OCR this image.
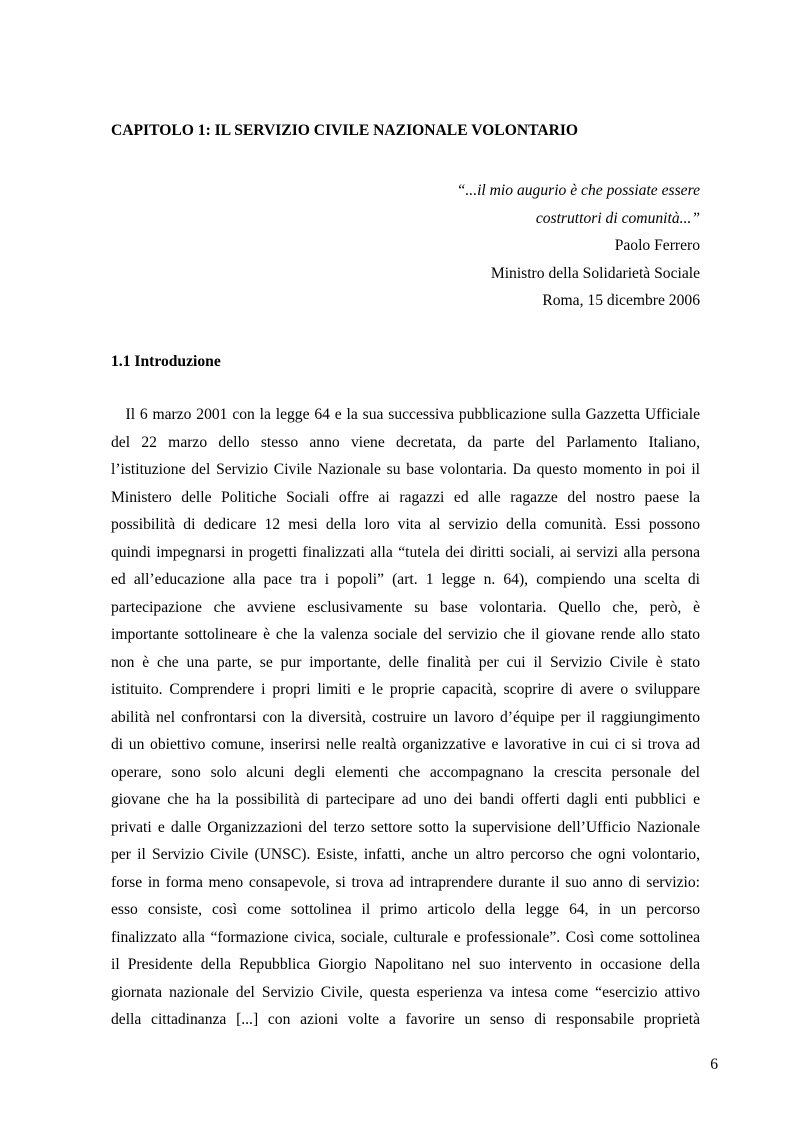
CAPITOLO 1: IL SERVIZIO CIVILE NAZIONALE VOLONTARIO
“...il mio augurio è che possiate essere
costruttori di comunità...”
Paolo Ferrero
Ministro della Solidarietà Sociale
Roma, 15 dicembre 2006
1.1 Introduzione
Il 6 marzo 2001 con la legge 64 e la sua successiva pubblicazione sulla Gazzetta Ufficiale
del 22 marzo dello stesso anno viene decretata, da parte del Parlamento Italiano,
l’istituzione del Servizio Civile Nazionale su base volontaria. Da questo momento in poi il
Ministero delle Politiche Sociali offre ai ragazzi ed alle ragazze del nostro paese la
possibilità di dedicare 12 mesi della loro vita al servizio della comunità. Essi possono
quindi impegnarsi in progetti finalizzati alla “tutela dei diritti sociali, ai servizi alla persona
ed all’educazione alla pace tra i popoli” (art. 1 legge n. 64), compiendo una scelta di
partecipazione che avviene esclusivamente su base volontaria. Quello che, però, è
importante sottolineare è che la valenza sociale del servizio che il giovane rende allo stato
non è che una parte, se pur importante, delle finalità per cui il Servizio Civile è stato
istituito. Comprendere i propri limiti e le proprie capacità, scoprire di avere o sviluppare
abilità nel confrontarsi con la diversità, costruire un lavoro d’équipe per il raggiungimento
di un obiettivo comune, inserirsi nelle realtà organizzative e lavorative in cui ci si trova ad
operare, sono solo alcuni degli elementi che accompagnano la crescita personale del
giovane che ha la possibilità di partecipare ad uno dei bandi offerti dagli enti pubblici e
privati e dalle Organizzazioni del terzo settore sotto la supervisione dell’Ufficio Nazionale
per il Servizio Civile (UNSC). Esiste, infatti, anche un altro percorso che ogni volontario,
forse in forma meno consapevole, si trova ad intraprendere durante il suo anno di servizio:
esso consiste, così come sottolinea il primo articolo della legge 64, in un percorso
finalizzato alla “formazione civica, sociale, culturale e professionale”. Così come sottolinea
il Presidente della Repubblica Giorgio Napolitano nel suo intervento in occasione della
giornata nazionale del Servizio Civile, questa esperienza va intesa come “esercizio attivo
della cittadinanza [...] con azioni volte a favorire un senso di responsabile proprietà
6
